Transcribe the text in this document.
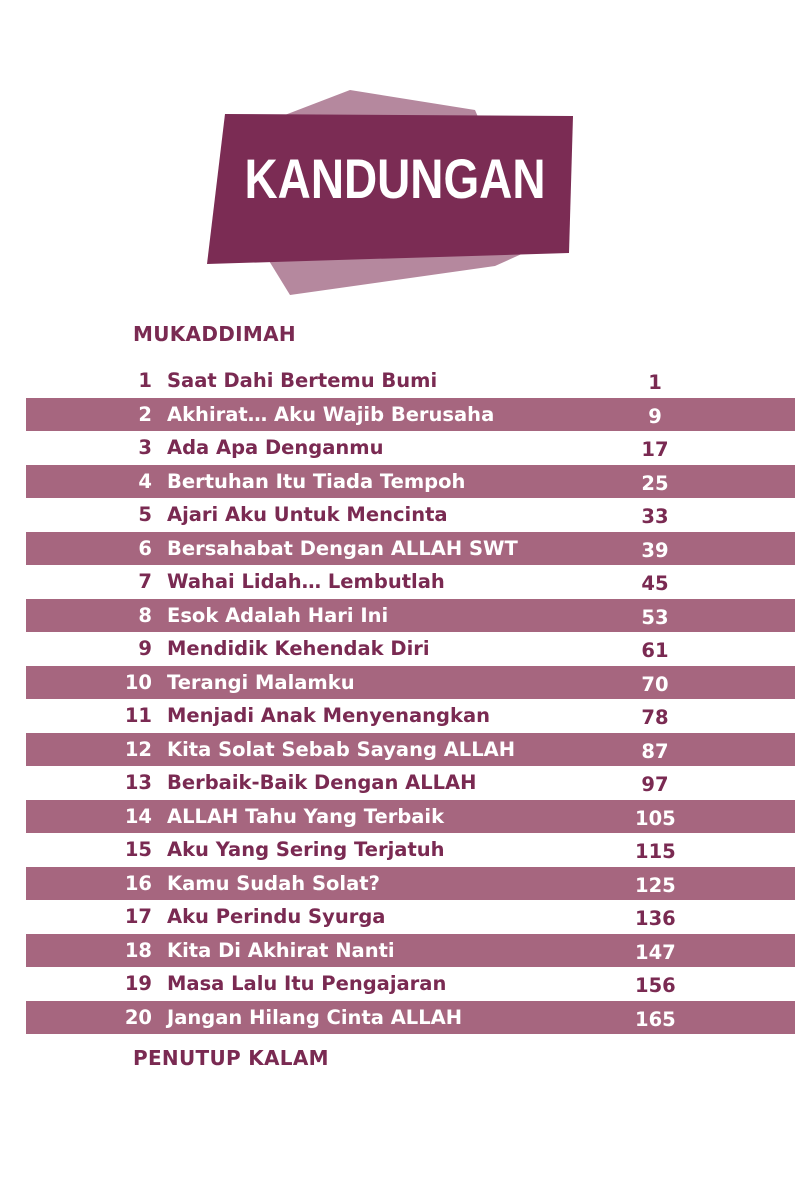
KANDUNGAN
MUKADDIMAH
1 Saat Dahi Bertemu Bumi	1
2 Akhirat… Aku Wajib Berusaha	9
3 Ada Apa Denganmu	17
4 Bertuhan Itu Tiada Tempoh	25
5 Ajari Aku Untuk Mencinta	33
6 Bersahabat Dengan ALLAH SWT	39
7 Wahai Lidah… Lembutlah	45
8 Esok Adalah Hari Ini	53
9 Mendidik Kehendak Diri	61
10 Terangi Malamku	70
11 Menjadi Anak Menyenangkan	78
12 Kita Solat Sebab Sayang ALLAH	87
13 Berbaik-Baik Dengan ALLAH	97
14 ALLAH Tahu Yang Terbaik	105
15 Aku Yang Sering Terjatuh	115
16 Kamu Sudah Solat?	125
17 Aku Perindu Syurga	136
18 Kita Di Akhirat Nanti	147
19 Masa Lalu Itu Pengajaran	156
20 Jangan Hilang Cinta ALLAH	165
PENUTUP KALAM
